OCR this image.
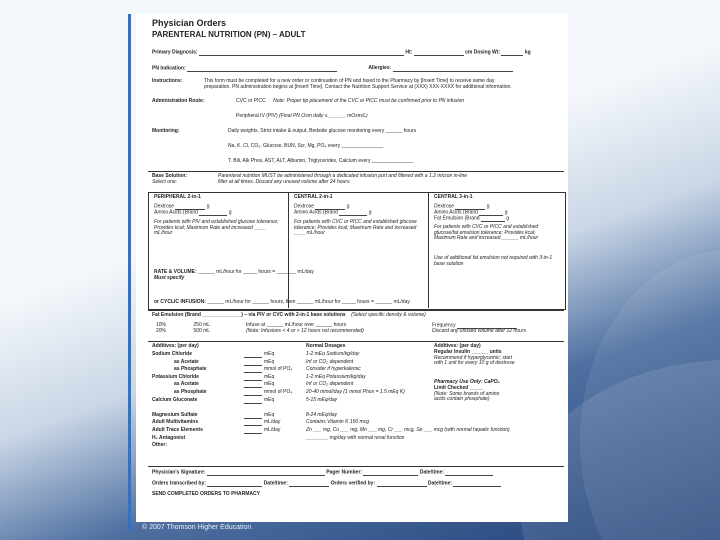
Physician Orders
PARENTERAL NUTRITION (PN) – ADULT
Primary Diagnosis:	Ht:	cm Dosing Wt:	kg
PN Indication:	Allergies:
Instructions:	This form must be completed for a new order or continuation of PN and faxed to the Pharmacy by [Insert Time] to receive same day
preparation. PN administration begins at [Insert Time]. Contact the Nutrition Support Service at (XXX) XXX-XXXX for additional information.
Administration Route:	CVC or PICC Note: Proper tip placement of the CVC or PICC must be confirmed prior to PN infusion
Peripheral IV (PIV) (Final PN Osm daily ≤ ______ mOsm/L)
Monitoring:	Daily weights, Strict intake & output, Bedside glucose monitoring every ______ hours
Na, K, Cl, CO₂, Glucose, BUN, Scr, Mg, PO₄ every _______________
T. Bili, Alk Phos, AST, ALT, Albumin, Triglycerides, Calcium every _______________
Base Solution:
Select one:
Parenteral nutrition MUST be administered through a dedicated infusion port and filtered with a 1.2 micron in-line
filter at all times. Discard any unused volume after 24 hours.
PERIPHERAL 2-in-1
Dextrose	g
Amino Acids (Brand	g
For patients with PIV and established glucose tolerance; Provides kcal; Maximum Rate and increased ____ mL/hour
CENTRAL 2-in-1
Dextrose	g
Amino Acids (Brand	g
For patients with CVC or PICC and established glucose tolerance; Provides kcal; Maximum Rate and increased ____ mL/hour
CENTRAL 3-in-1
Dextrose	g
Amino Acids (Brand	g
Fat Emulsion (Brand	g
For patients with CVC or PICC and established glucose/fat emulsion tolerance; Provides kcal; Maximum Rate and increased ______ mL/hour
Use of additional fat emulsion not required with 3-in-1 base solution
RATE & VOLUME: ______ mL/hour for _____ hours = _______ mL/day
Must specify
or CYCLIC INFUSION: ______ mL/hour for ______ hours, then ______ mL/hour for _____ hours = ______ mL/day
Fat Emulsion (Brand ______________) – via PIV or CVC with 2-in-1 base solutions (Select specific density & volume)
10%	250 mL
20%	500 mL
Infuse at ______ mL/hour over ______ hours
(Note: Infusions < 4 or > 12 hours not recommended)
Frequency
Discard any unused volume after 12 hours
Additives: (per day)	Normal Dosages
Sodium Chloride	mEq	1-2 mEq Sodium/kg/day
as Acetate	mEq	Inf or CO₂ dependent
as Phosphate	mmol of PO₄	Consider if hyperkalemic
Potassium Chloride	mEq	1-2 mEq Potassium/kg/day
as Acetate	mEq	Inf or CO₂ dependent
as Phosphate	mmol of PO₄	20-40 mmol/day (1 mmol Phos = 1.5 mEq K)
Calcium Gluconate	mEq	5-15 mEq/day
Magnesium Sulfate	mEq	8-24 mEq/day
Adult Multivitamins	mL/day	Contains Vitamin K 150 mcg
Adult Trace Elements	mL/day	Zn ___ mg, Cu ___ mg, Mn ___ mg, Cr ___ mcg, Se ___ mcg (with normal hepatic function)
H₂ Antagonist	________ mg/day with normal renal function
Other:
Additives: (per day)
Regular Insulin ______ units
Recommend if hyperglycemic; start
with 1 unit for every 10 g of dextrose
Pharmacy Use Only: CaPO₄
Limit Checked _____
(Note: Some brands of amino
acids contain phosphate)
Physician's Signature:	Pager Number:	Date/time:
Orders transcribed by:	Date/time:	Orders verified by:	Date/time:
SEND COMPLETED ORDERS TO PHARMACY
© 2007 Thomson Higher Education
